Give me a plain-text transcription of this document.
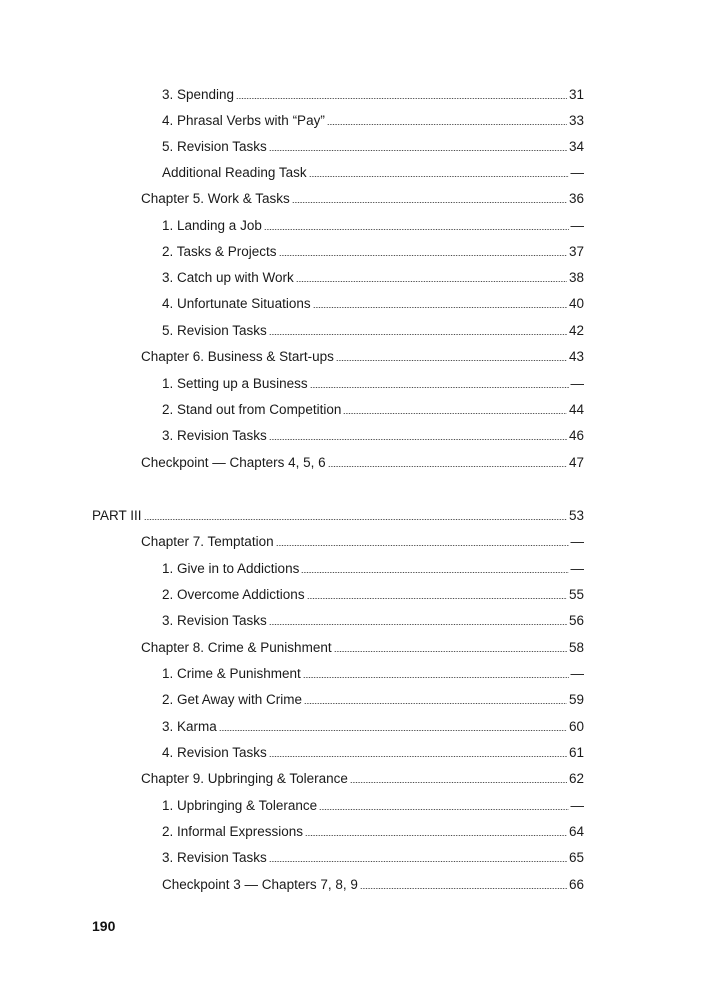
3. Spending	31
4. Phrasal Verbs with “Pay”	33
5. Revision Tasks	34
Additional Reading Task	—
Chapter 5. Work & Tasks	36
1. Landing a Job	—
2. Tasks & Projects	37
3. Catch up with Work	38
4. Unfortunate Situations	40
5. Revision Tasks	42
Chapter 6. Business & Start-ups	43
1. Setting up a Business	—
2. Stand out from Competition	44
3. Revision Tasks	46
Checkpoint — Chapters 4, 5, 6	47
PART III	53
Chapter 7. Temptation	—
1. Give in to Addictions	—
2. Overcome Addictions	55
3. Revision Tasks	56
Chapter 8. Crime & Punishment	58
1. Crime & Punishment	—
2. Get Away with Crime	59
3. Karma	60
4. Revision Tasks	61
Chapter 9. Upbringing & Tolerance	62
1. Upbringing & Tolerance	—
2. Informal Expressions	64
3. Revision Tasks	65
Checkpoint 3 — Chapters 7, 8, 9	66
190
